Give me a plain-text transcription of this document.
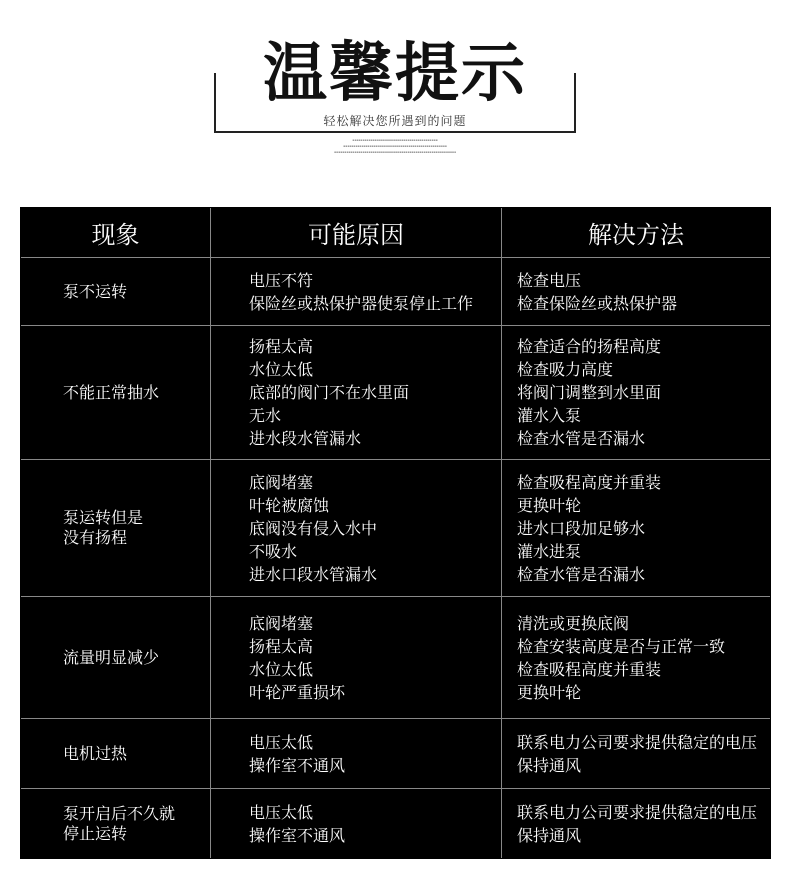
温馨提示
轻松解决您所遇到的问题
▪▪▪▪▪▪▪▪▪▪▪▪▪▪▪▪▪▪▪▪▪▪▪▪▪▪▪▪▪▪▪▪▪▪▪▪▪▪▪▪▪▪
▪▪▪▪▪▪▪▪▪▪▪▪▪▪▪▪▪▪▪▪▪▪▪▪▪▪▪▪▪▪▪▪▪▪▪▪▪▪▪▪▪▪▪▪▪▪▪▪▪▪▪
▪▪▪▪▪▪▪▪▪▪▪▪▪▪▪▪▪▪▪▪▪▪▪▪▪▪▪▪▪▪▪▪▪▪▪▪▪▪▪▪▪▪▪▪▪▪▪▪▪▪▪▪▪▪▪▪▪▪▪▪
现象	可能原因	解决方法
泵不运转
电压不符
保险丝或热保护器使泵停止工作
检查电压
检查保险丝或热保护器
不能正常抽水
扬程太高
水位太低
底部的阀门不在水里面
无水
进水段水管漏水
检查适合的扬程高度
检查吸力高度
将阀门调整到水里面
灌水入泵
检查水管是否漏水
泵运转但是
没有扬程
底阀堵塞
叶轮被腐蚀
底阀没有侵入水中
不吸水
进水口段水管漏水
检查吸程高度并重装
更换叶轮
进水口段加足够水
灌水进泵
检查水管是否漏水
流量明显减少
底阀堵塞
扬程太高
水位太低
叶轮严重损坏
清洗或更换底阀
检查安装高度是否与正常一致
检查吸程高度并重装
更换叶轮
电机过热
电压太低
操作室不通风
联系电力公司要求提供稳定的电压
保持通风
泵开启后不久就
停止运转
电压太低
操作室不通风
联系电力公司要求提供稳定的电压
保持通风
